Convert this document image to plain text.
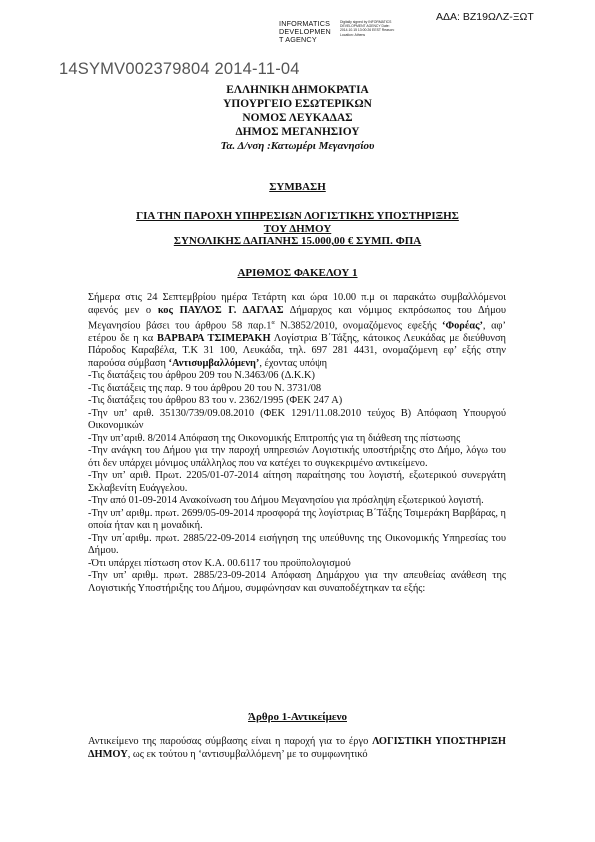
ΑΔΑ: ΒΖ19ΩΛΖ-ΞΩΤ
INFORMATICS
DEVELOPMEN
T AGENCY
Digitally signed by INFORMATICS DEVELOPMENT AGENCY Date: 2014.10.15 13:00:26 EEST Reason: Location: Athens
14SYMV002379804 2014-11-04
ΕΛΛΗΝΙΚΗ ΔΗΜΟΚΡΑΤΙΑ
ΥΠΟΥΡΓΕΙΟ ΕΣΩΤΕΡΙΚΩΝ
ΝΟΜΟΣ ΛΕΥΚΑΔΑΣ
ΔΗΜΟΣ ΜΕΓΑΝΗΣΙΟΥ
Τα. Δ/νση :Κατωμέρι Μεγανησίου
ΣΥΜΒΑΣΗ
ΓΙΑ ΤΗΝ ΠΑΡΟΧΗ ΥΠΗΡΕΣΙΩΝ ΛΟΓΙΣΤΙΚΗΣ ΥΠΟΣΤΗΡΙΞΗΣ
ΤΟΥ ΔΗΜΟΥ
ΣΥΝΟΛΙΚΗΣ ΔΑΠΑΝΗΣ 15.000,00 € ΣΥΜΠ. ΦΠΑ
ΑΡΙΘΜΟΣ ΦΑΚΕΛΟΥ 1

Σήμερα στις 24 Σεπτεμβρίου ημέρα Τετάρτη και ώρα 10.00 π.μ οι παρακάτω συμβαλλόμενοι αφενός μεν ο κος ΠΑΥΛΟΣ Γ. ΔΑΓΛΑΣ Δήμαρχος και νόμιμος εκπρόσωπος του Δήμου Μεγανησίου βάσει του άρθρου 58 $\pi\alpha\rho.1^\alpha$ Ν.3852/2010, ονομαζόμενος εφεξής ‘Φορέας’, αφ’ ετέρου δε η κα ΒΑΡΒΑΡΑ ΤΣΙΜΕΡΑΚΗ Λογίστρια Β΄Τάξης, κάτοικος Λευκάδας με διεύθυνση Πάροδος Καραβέλα, Τ.Κ 31 100, Λευκάδα, τηλ. 697 281 4431, ονομαζόμενη εφ’ εξής στην παρούσα σύμβαση ‘Αντισυμβαλλόμενη’, έχοντας υπόψη

-Τις διατάξεις του άρθρου 209 του Ν.3463/06 (Δ.Κ.Κ)

-Τις διατάξεις της παρ. 9 του άρθρου 20 του Ν. 3731/08

-Τις διατάξεις του άρθρου 83 του ν. 2362/1995 (ΦΕΚ 247 Α)

-Την υπ’ αριθ. 35130/739/09.08.2010 (ΦΕΚ 1291/11.08.2010 τεύχος Β) Απόφαση Υπουργού Οικονομικών

-Την υπ’αριθ. 8/2014 Απόφαση της Οικονομικής Επιτροπής για τη διάθεση της πίστωσης

-Την ανάγκη του Δήμου για την παροχή υπηρεσιών Λογιστικής υποστήριξης στο Δήμο, λόγω του ότι δεν υπάρχει μόνιμος υπάλληλος που να κατέχει το συγκεκριμένο αντικείμενο.

-Την υπ’ αριθ. Πρωτ. 2205/01-07-2014 αίτηση παραίτησης του λογιστή, εξωτερικού συνεργάτη Σκλαβενίτη Ευάγγελου.

-Την από 01-09-2014 Ανακοίνωση του Δήμου Μεγανησίου για πρόσληψη εξωτερικού λογιστή.

-Την υπ’ αριθμ. πρωτ. 2699/05-09-2014 προσφορά της λογίστριας Β΄Τάξης Τσιμεράκη Βαρβάρας, η οποία ήταν και η μοναδική.

-Την υπ΄αριθμ. πρωτ. 2885/22-09-2014 εισήγηση της υπεύθυνης της Οικονομικής Υπηρεσίας του Δήμου.

-Ότι υπάρχει πίστωση στον Κ.Α. 00.6117 του προϋπολογισμού

-Την υπ’ αριθμ. πρωτ. 2885/23-09-2014 Απόφαση Δημάρχου για την απευθείας ανάθεση της Λογιστικής Υποστήριξης του Δήμου, συμφώνησαν και συναποδέχτηκαν τα εξής:

Άρθρο 1-Αντικείμενο
Αντικείμενο της παρούσας σύμβασης είναι η παροχή για το έργο ΛΟΓΙΣΤΙΚΗ ΥΠΟΣΤΗΡΙΞΗ ΔΗΜΟΥ, ως εκ τούτου η ‘αντισυμβαλλόμενη’ με το συμφωνητικό
